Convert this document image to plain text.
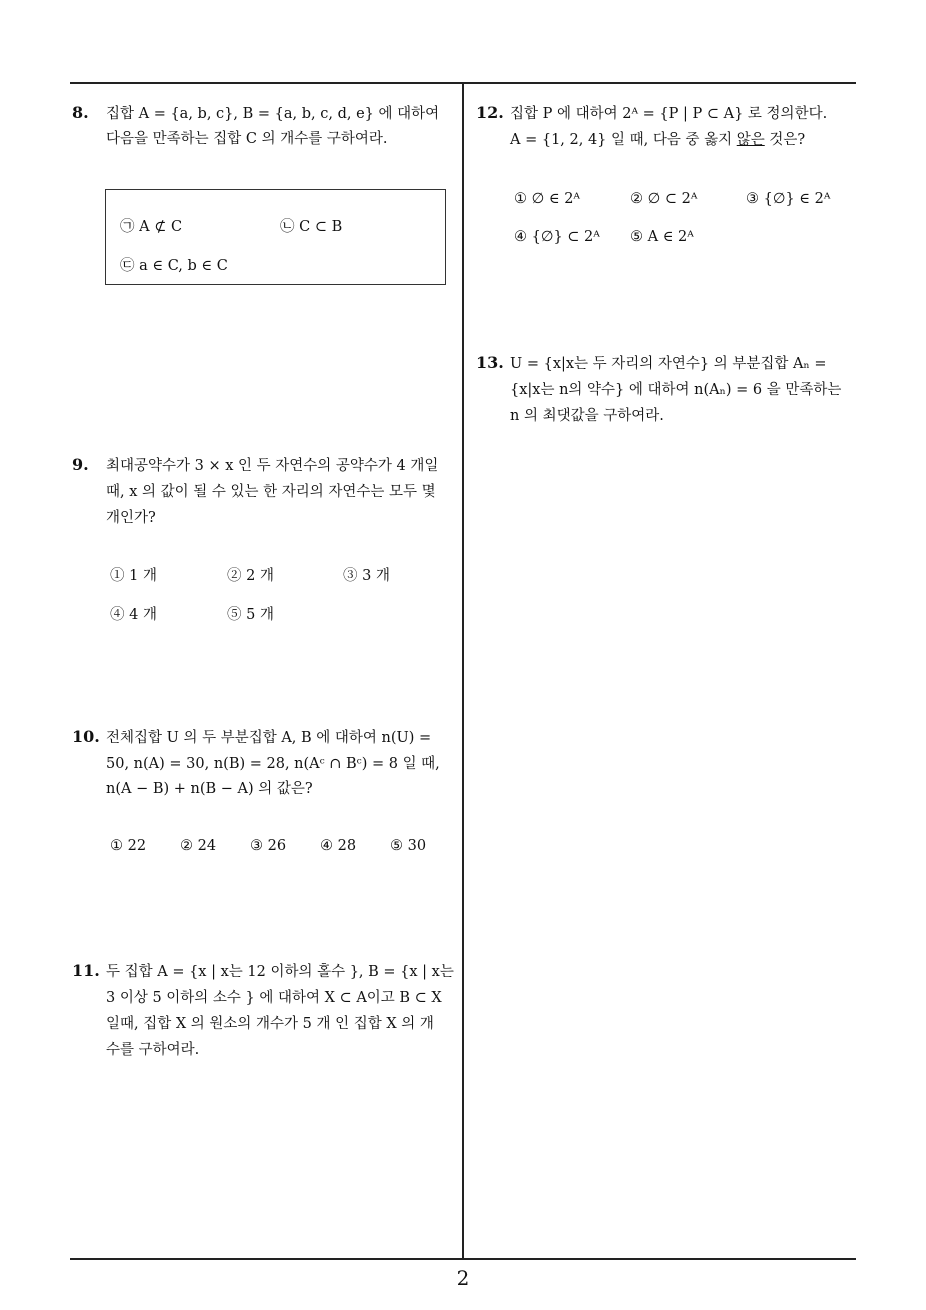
8. 집합 A = {a, b, c}, B = {a, b, c, d, e} 에 대하여
다음을 만족하는 집합 C 의 개수를 구하여라.
㉠ A ⊄ C	㉡ C ⊂ B
㉢ a ∈ C, b ∈ C
9. 최대공약수가 3 × x 인 두 자연수의 공약수가 4 개일
때, x 의 값이 될 수 있는 한 자리의 자연수는 모두 몇
개인가?
① 1 개	② 2 개	③ 3 개
④ 4 개	⑤ 5 개
10. 전체집합 U 의 두 부분집합 A, B 에 대하여 n(U) =
50, n(A) = 30, n(B) = 28, n(Aᶜ ∩ Bᶜ) = 8 일 때,
n(A − B) + n(B − A) 의 값은?
① 22 ② 24 ③ 26 ④ 28 ⑤ 30
11. 두 집합 A = {x | x는 12 이하의 홀수 }, B = {x | x는
3 이상 5 이하의 소수 } 에 대하여 X ⊂ A이고 B ⊂ X
일때, 집합 X 의 원소의 개수가 5 개 인 집합 X 의 개
수를 구하여라.
12. 집합 P 에 대하여 2ᴬ = {P | P ⊂ A} 로 정의한다.
A = {1, 2, 4} 일 때, 다음 중 옳지 않은 것은?
① ∅ ∈ 2ᴬ	② ∅ ⊂ 2ᴬ	③ {∅} ∈ 2ᴬ
④ {∅} ⊂ 2ᴬ ⑤ A ∈ 2ᴬ
13. U = {x|x는 두 자리의 자연수} 의 부분집합 Aₙ =
{x|x는 n의 약수} 에 대하여 n(Aₙ) = 6 을 만족하는
n 의 최댓값을 구하여라.
2
